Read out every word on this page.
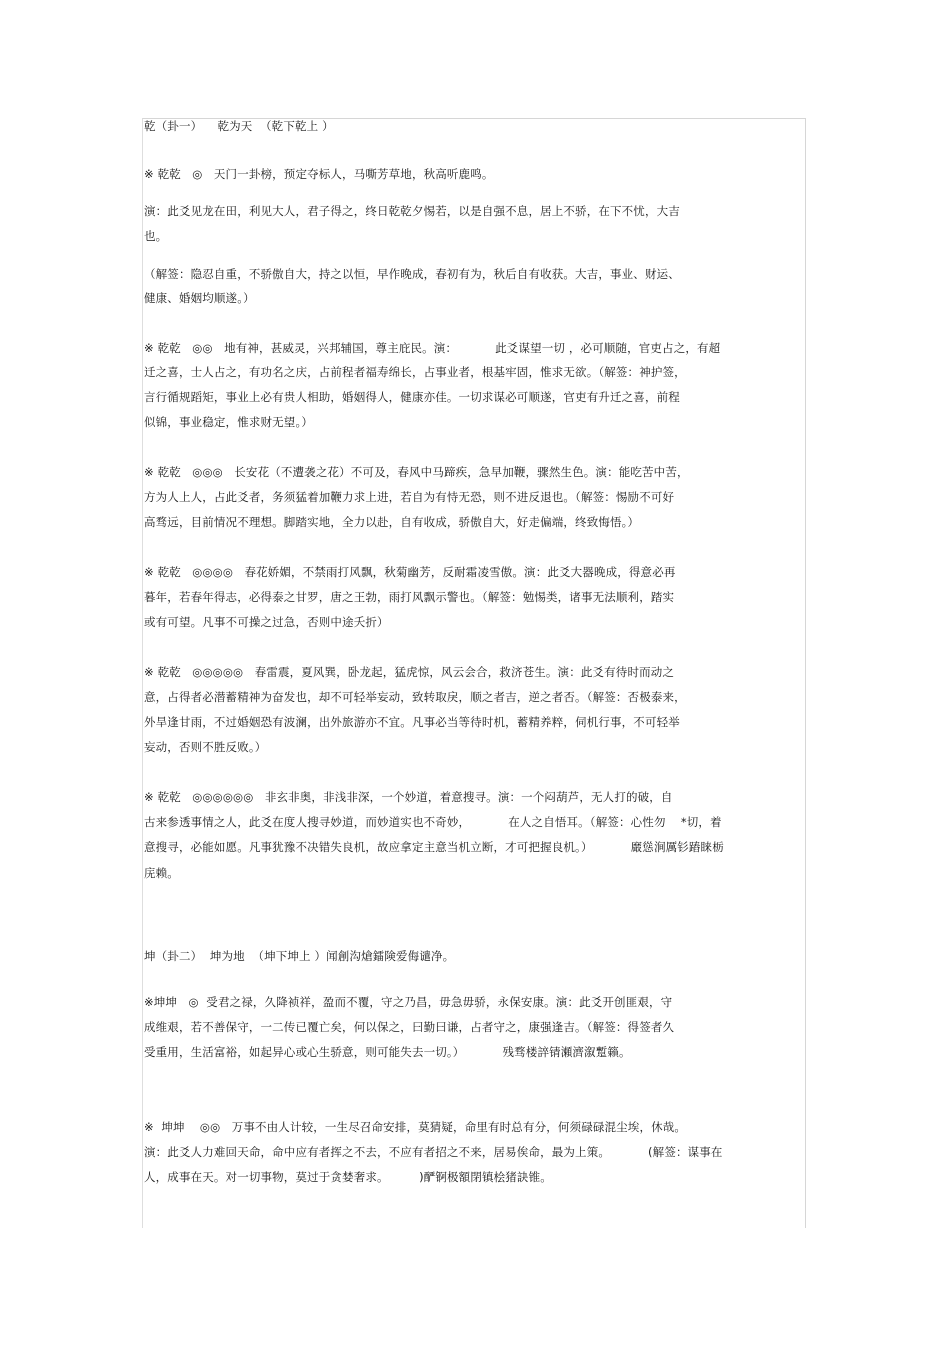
乾（卦一）    乾为天  （乾下乾上 ）
※ 乾乾   ◎   天门一卦榜，预定夺标人，马嘶芳草地，秋高听鹿鸣。
演：此爻见龙在田，利见大人，君子得之，终日乾乾夕惕若，以是自强不息，居上不骄，在下不忧，大吉
也。
（解签：隐忍自重，不骄傲自大，持之以恒，早作晚成，春初有为，秋后自有收获。大吉，事业、财运、
健康、婚姻均顺遂。）
※ 乾乾   ◎◎   地有神，甚威灵，兴邦辅国，尊主庇民。演：          此爻谋望一切 ，必可顺随，官吏占之，有超
迁之喜，士人占之，有功名之庆，占前程者福寿绵长，占事业者，根基牢固，惟求无欲。（解签：神护签，
言行循规蹈矩，事业上必有贵人相助，婚姻得人，健康亦佳。一切求谋必可顺遂，官吏有升迁之喜，前程
似锦，事业稳定，惟求财无望。）
※ 乾乾   ◎◎◎   长安花（不遭袭之花）不可及，春风中马蹄疾，急早加鞭，骤然生色。演：能吃苦中苦，
方为人上人，占此爻者，务须猛着加鞭力求上进，若自为有恃无恐，则不进反退也。（解签：惕励不可好
高骛远，目前情况不理想。脚踏实地，全力以赴，自有收成，骄傲自大，好走偏端，终致悔悟。）
※ 乾乾   ◎◎◎◎   春花娇媚，不禁雨打风飘，秋菊幽芳，反耐霜凌雪傲。演：此爻大器晚成，得意必再
暮年，若春年得志，必得泰之甘罗，唐之王勃，雨打风飘示警也。（解签：勉惕类，诸事无法顺利，踏实
或有可望。凡事不可操之过急，否则中途夭折）
※ 乾乾   ◎◎◎◎◎   春雷震，夏风巽，卧龙起，猛虎惊，风云会合，救济苍生。演：此爻有待时而动之
意，占得者必潜蓄精神为奋发也，却不可轻举妄动，致转取戾，顺之者吉，逆之者否。（解签：否极泰来，
外旱逢甘雨，不过婚姻恐有波澜，出外旅游亦不宜。凡事必当等待时机，蓄精养粹，伺机行事，不可轻举
妄动，否则不胜反败。）
※ 乾乾   ◎◎◎◎◎◎   非玄非奥，非浅非深，一个妙道，着意搜寻。演：一个闷葫芦，无人打的破，自
古来参透事情之人，此爻在度人搜寻妙道，而妙道实也不奇妙，          在人之自悟耳。（解签：心性勿    *切，着
意搜寻，必能如愿。凡事犹豫不决错失良机，故应拿定主意当机立断，才可把握良机。）          黀慫涧厲钐蹖睐栃
庑赖。
坤（卦二）  坤为地  （坤下坤上 ）闻創沟熗鐳険爱侮谴净。
※坤坤   ◎  受君之禄，久降祯祥，盈而不覆，守之乃昌，毋急毋骄，永保安康。演：此爻开创匪艰，守
成维艰，若不善保守，一二传已覆亡矣，何以保之，曰勤曰谦，占者守之，康强逢吉。（解签：得签者久
受重用，生活富裕，如起异心或心生骄意，则可能失去一切。）          残骛楼誶锖瀬濟溆蹔籟。
※  坤坤    ◎◎   万事不由人计较，一生尽召命安排，莫猜疑，命里有时总有分，何须碌碌混尘埃，休哉。
演：此爻人力难回天命，命中应有者挥之不去，不应有者招之不来，居易俟命，最为上策。          (解签：谋事在
人，成事在天。对一切事物，莫过于贪婪奢求。        )酽锕极額閉镇桧猪訣锥。
